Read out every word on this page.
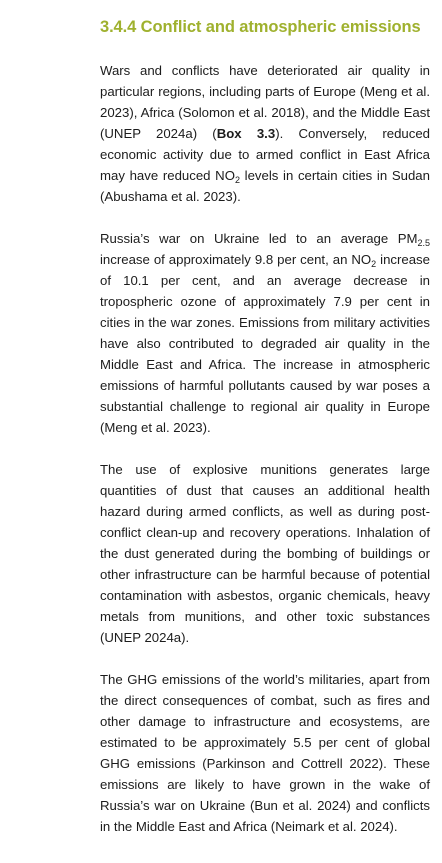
3.4.4 Conflict and atmospheric emissions

Wars and conflicts have deteriorated air quality in particular regions, including parts of Europe (Meng et al. 2023), Africa (Solomon et al. 2018), and the Middle East (UNEP 2024a) (Box 3.3). Conversely, reduced economic activity due to armed conflict in East Africa may have reduced $NO_2$ levels in certain cities in Sudan (Abushama et al. 2023).

Russia’s war on Ukraine led to an average $PM_{2.5}$ increase of approximately 9.8 per cent, an $NO_2$ increase of 10.1 per cent, and an average decrease in tropospheric ozone of approximately 7.9 per cent in cities in the war zones. Emissions from military activities have also contributed to degraded air quality in the Middle East and Africa. The increase in atmospheric emissions of harmful pollutants caused by war poses a substantial challenge to regional air quality in Europe (Meng et al. 2023).

The use of explosive munitions generates large quantities of dust that causes an additional health hazard during armed conflicts, as well as during post-conflict clean-up and recovery operations. Inhalation of the dust generated during the bombing of buildings or other infrastructure can be harmful because of potential contamination with asbestos, organic chemicals, heavy metals from munitions, and other toxic substances (UNEP 2024a).

The GHG emissions of the world’s militaries, apart from the direct consequences of combat, such as fires and other damage to infrastructure and ecosystems, are estimated to be approximately 5.5 per cent of global GHG emissions (Parkinson and Cottrell 2022). These emissions are likely to have grown in the wake of Russia’s war on Ukraine (Bun et al. 2024) and conflicts in the Middle East and Africa (Neimark et al. 2024).
